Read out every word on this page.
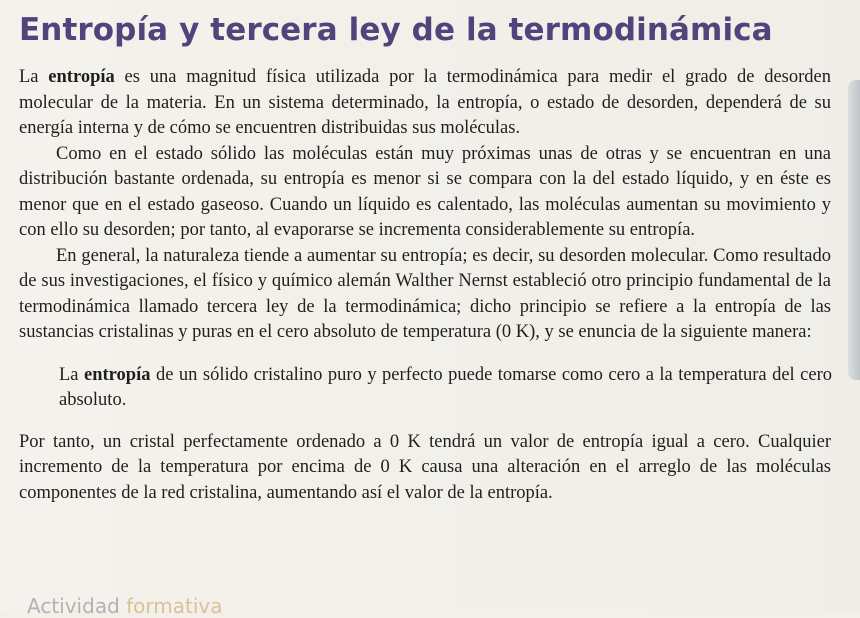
Entropía y tercera ley de la termodinámica

La entropía es una magnitud física utilizada por la termodinámica para medir el grado de desorden molecular de la materia. En un sistema determinado, la entropía, o estado de desorden, dependerá de su energía interna y de cómo se encuentren distribuidas sus moléculas.

Como en el estado sólido las moléculas están muy próximas unas de otras y se encuentran en una distribución bastante ordenada, su entropía es menor si se compara con la del estado líquido, y en éste es menor que en el estado gaseoso. Cuando un líquido es calentado, las moléculas aumentan su movimiento y con ello su desorden; por tanto, al evaporarse se incrementa considerablemente su entropía.

En general, la naturaleza tiende a aumentar su entropía; es decir, su desorden molecular. Como resultado de sus investigaciones, el físico y químico alemán Walther Nernst estableció otro principio fundamental de la termodinámica llamado tercera ley de la termodinámica; dicho principio se refiere a la entropía de las sustancias cristalinas y puras en el cero absoluto de temperatura (0 K), y se enuncia de la siguiente manera:

La entropía de un sólido cristalino puro y perfecto puede tomarse como cero a la temperatura del cero absoluto.

Por tanto, un cristal perfectamente ordenado a 0 K tendrá un valor de entropía igual a cero. Cualquier incremento de la temperatura por encima de 0 K causa una alteración en el arreglo de las moléculas componentes de la red cristalina, aumentando así el valor de la entropía.

Actividad formativa
